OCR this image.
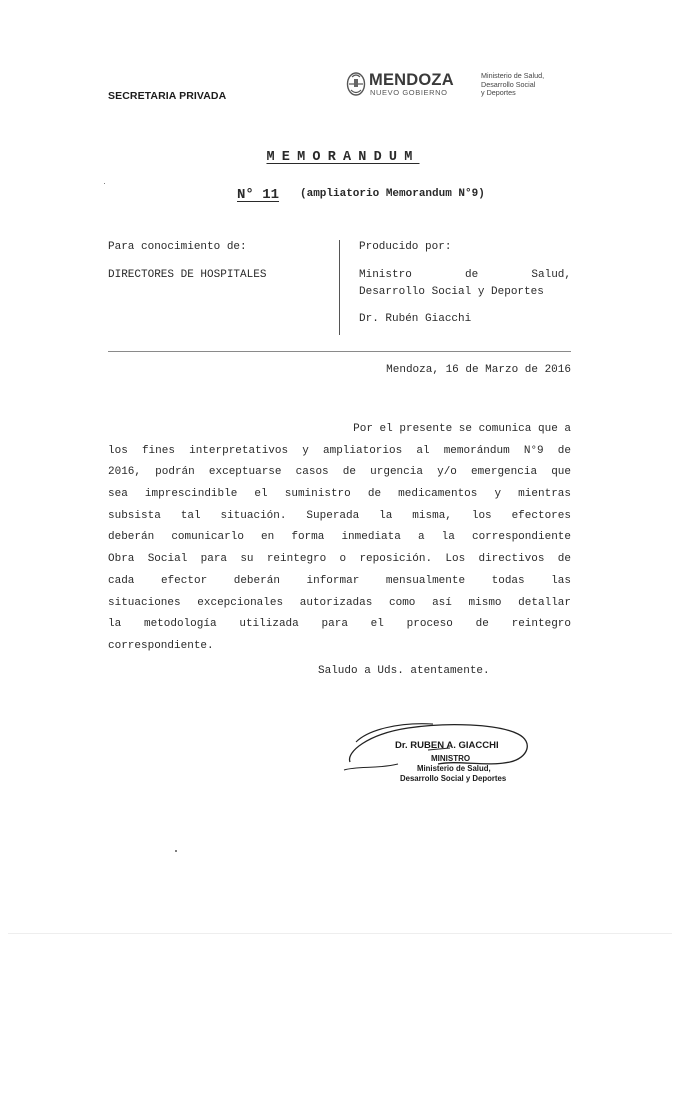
SECRETARIA PRIVADA
MENDOZA
NUEVO GOBIERNO
Ministerio de Salud,
Desarrollo Social
y Deportes
MEMORANDUM
N° 11 (ampliatorio Memorandum N°9)
Para conocimiento de:
DIRECTORES DE HOSPITALES
Producido por:
Ministro de Salud,
Desarrollo Social y Deportes
Dr. Rubén Giacchi
Mendoza, 16 de Marzo de 2016
Por el presente se comunica que a
los fines interpretativos y ampliatorios al memorándum N°9 de
2016, podrán exceptuarse casos de urgencia y/o emergencia que
sea imprescindible el suministro de medicamentos y mientras
subsista tal situación. Superada la misma, los efectores
deberán comunicarlo en forma inmediata a la correspondiente
Obra Social para su reintegro o reposición. Los directivos de
cada efector deberán informar mensualmente todas las
situaciones excepcionales autorizadas como así mismo detallar
la metodología utilizada para el proceso de reintegro
correspondiente.
Saludo a Uds. atentamente.
Dr. RUBEN A. GIACCHI
MINISTRO
Ministerio de Salud,
Desarrollo Social y Deportes
